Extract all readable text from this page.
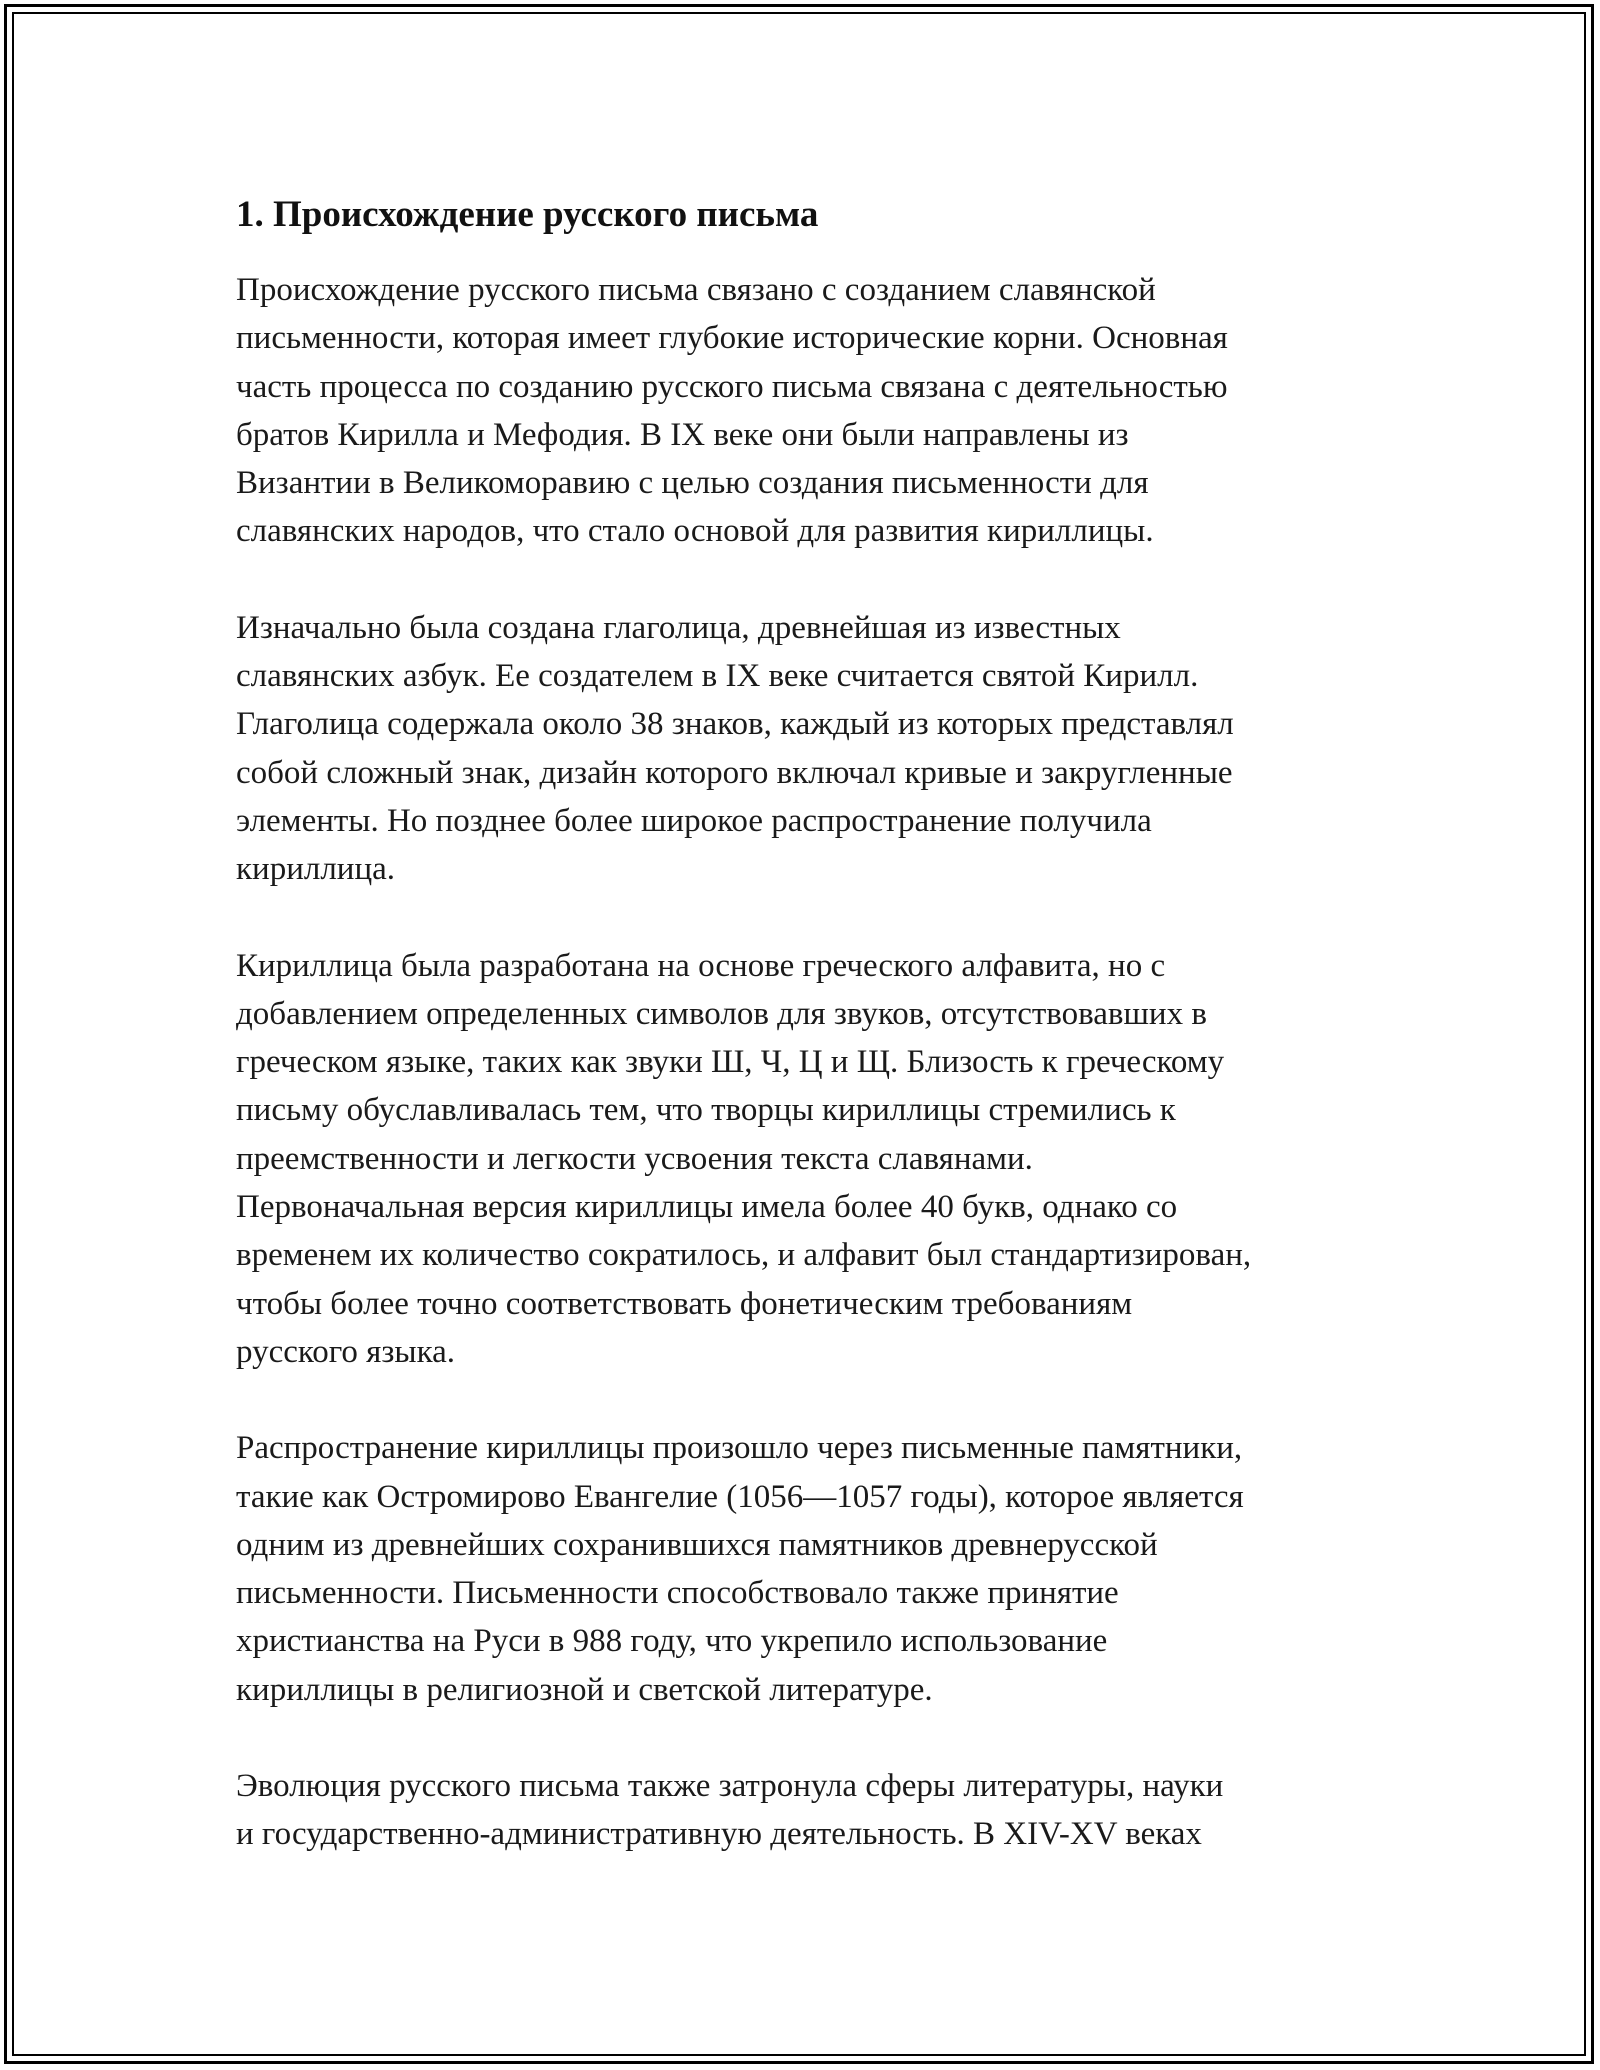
1. Происхождение русского письма

Происхождение русского письма связано с созданием славянской
письменности, которая имеет глубокие исторические корни. Основная
часть процесса по созданию русского письма связана с деятельностью
братов Кирилла и Мефодия. В IX веке они были направлены из
Византии в Великоморавию с целью создания письменности для
славянских народов, что стало основой для развития кириллицы.

Изначально была создана глаголица, древнейшая из известных
славянских азбук. Ее создателем в IX веке считается святой Кирилл.
Глаголица содержала около 38 знаков, каждый из которых представлял
собой сложный знак, дизайн которого включал кривые и закругленные
элементы. Но позднее более широкое распространение получила
кириллица.

Кириллица была разработана на основе греческого алфавита, но с
добавлением определенных символов для звуков, отсутствовавших в
греческом языке, таких как звуки Ш, Ч, Ц и Щ. Близость к греческому
письму обуславливалась тем, что творцы кириллицы стремились к
преемственности и легкости усвоения текста славянами.
Первоначальная версия кириллицы имела более 40 букв, однако со
временем их количество сократилось, и алфавит был стандартизирован,
чтобы более точно соответствовать фонетическим требованиям
русского языка.

Распространение кириллицы произошло через письменные памятники,
такие как Остромирово Евангелие (1056—1057 годы), которое является
одним из древнейших сохранившихся памятников древнерусской
письменности. Письменности способствовало также принятие
христианства на Руси в 988 году, что укрепило использование
кириллицы в религиозной и светской литературе.

Эволюция русского письма также затронула сферы литературы, науки
и государственно-административную деятельность. В XIV-XV веках
